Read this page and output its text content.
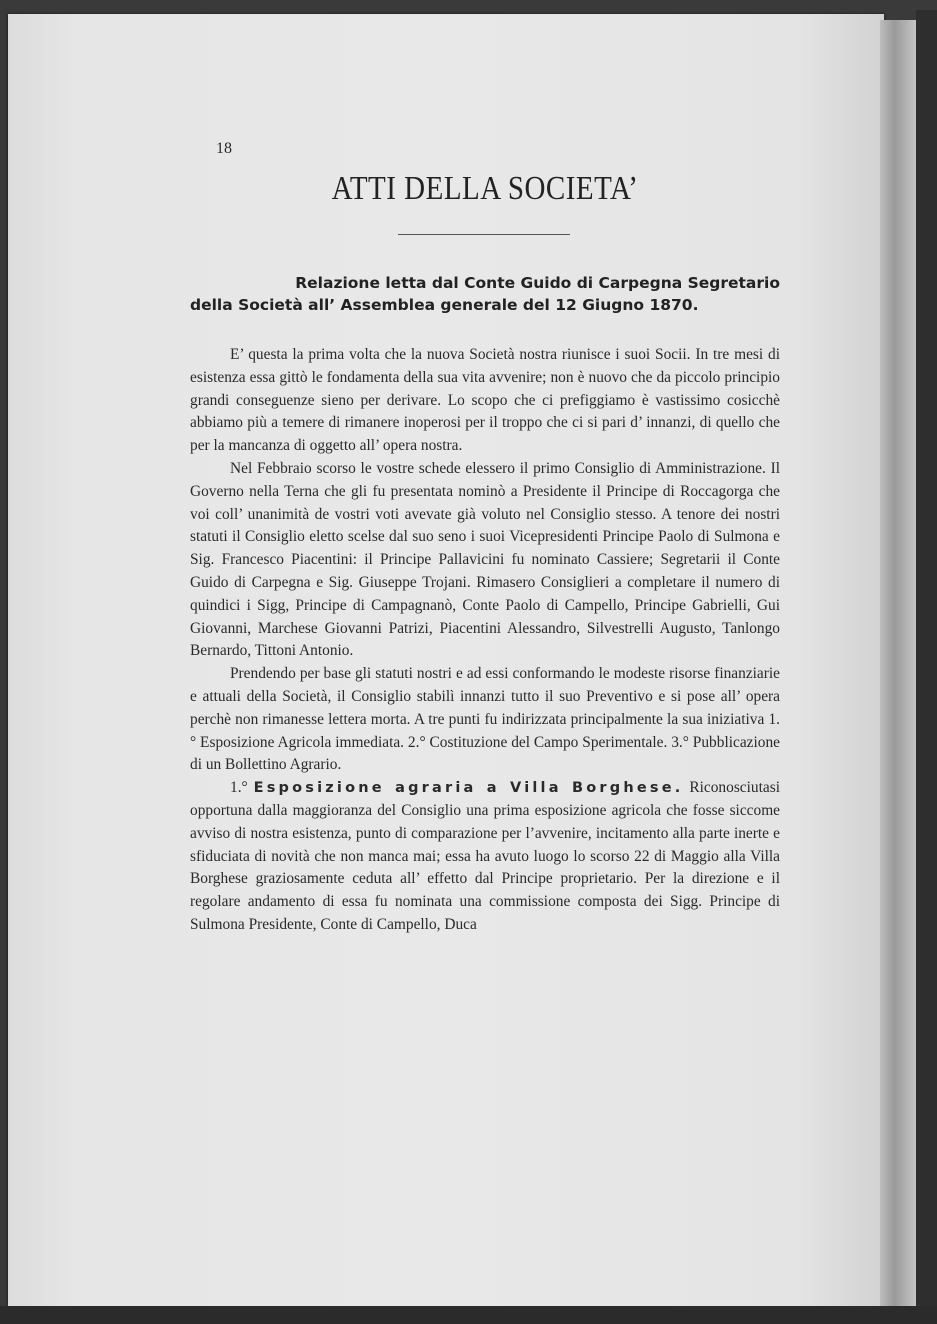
18
ATTI DELLA SOCIETA’
Relazione letta dal Conte Guido di Carpegna Segretario
della Società all’ Assemblea generale del 12 Giugno 1870.

E’ questa la prima volta che la nuova Società nostra riunisce i suoi Socii. In tre mesi di esistenza essa gittò le fondamenta della sua vita avvenire; non è nuovo che da piccolo principio grandi conseguenze sieno per derivare. Lo scopo che ci prefiggiamo è vastissimo cosicchè abbiamo più a temere di rimanere inoperosi per il troppo che ci si pari d’ innanzi, di quello che per la mancanza di oggetto all’ opera nostra.

Nel Febbraio scorso le vostre schede elessero il primo Consiglio di Amministrazione. Il Governo nella Terna che gli fu presentata nominò a Presidente il Principe di Roccagorga che voi coll’ unanimità de vostri voti avevate già voluto nel Consiglio stesso. A tenore dei nostri statuti il Consiglio eletto scelse dal suo seno i suoi Vicepresidenti Principe Paolo di Sulmona e Sig. Francesco Piacentini: il Principe Pallavicini fu nominato Cassiere; Segretarii il Conte Guido di Carpegna e Sig. Giuseppe Trojani. Rimasero Consiglieri a completare il numero di quindici i Sigg, Principe di Campagnanò, Conte Paolo di Campello, Principe Gabrielli, Gui Giovanni, Marchese Giovanni Patrizi, Piacentini Alessandro, Silvestrelli Augusto, Tanlongo Bernardo, Tittoni Antonio.

Prendendo per base gli statuti nostri e ad essi conformando le modeste risorse finanziarie e attuali della Società, il Consiglio stabilì innanzi tutto il suo Preventivo e si pose all’ opera perchè non rimanesse lettera morta. A tre punti fu indirizzata principalmente la sua iniziativa 1.° Esposizione Agricola immediata. 2.° Costituzione del Campo Sperimentale. 3.° Pubblicazione di un Bollettino Agrario.

1.° Esposizione agraria a Villa Borghese. Riconosciutasi opportuna dalla maggioranza del Consiglio una prima esposizione agricola che fosse siccome avviso di nostra esistenza, punto di comparazione per l’avvenire, incitamento alla parte inerte e sfiduciata di novità che non manca mai; essa ha avuto luogo lo scorso 22 di Maggio alla Villa Borghese graziosamente ceduta all’ effetto dal Principe proprietario. Per la direzione e il regolare andamento di essa fu nominata una commissione composta dei Sigg. Principe di Sulmona Presidente, Conte di Campello, Duca
